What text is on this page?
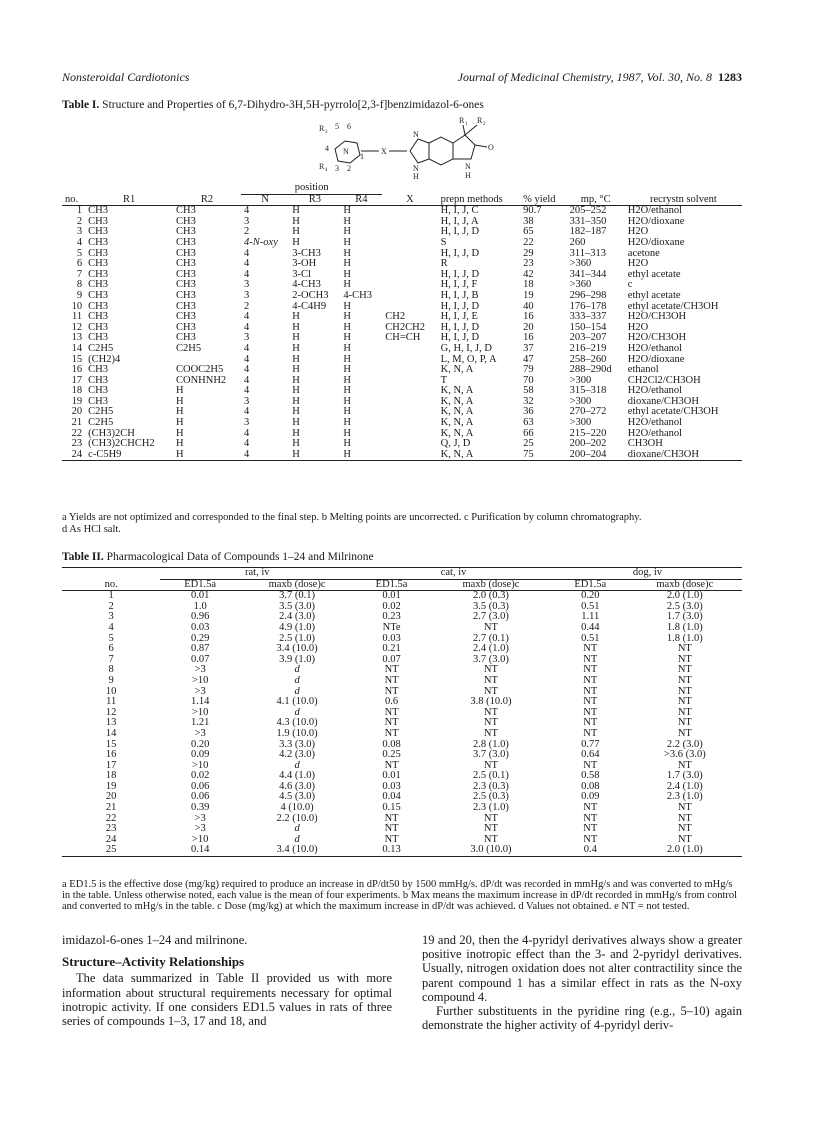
Nonsteroidal Cardiotonics	Journal of Medicinal Chemistry, 1987, Vol. 30, No. 8 1283
Table I. Structure and Properties of 6,7-Dihydro-3H,5H-pyrrolo[2,3-f]benzimidazol-6-ones
R 3
5 6
4 N
1
R 4 3 2
X
N
N
H
R 1 R 2
N
H
O
			position							
no.	R1	R2	N	R3	R4	X	prepn methods	% yield	mp, °C	recrystn solvent
1	CH3	CH3	4	H	H		H, I, J, C	90.7	205–252	H2O/ethanol
2	CH3	CH3	3	H	H		H, I, J, A	38	331–350	H2O/dioxane
3	CH3	CH3	2	H	H		H, I, J, D	65	182–187	H2O
4	CH3	CH3	4-N-oxy	H	H		S	22	260	H2O/dioxane
5	CH3	CH3	4	3-CH3	H		H, I, J, D	29	311–313	acetone
6	CH3	CH3	4	3-OH	H		R	23	>360	H2O
7	CH3	CH3	4	3-Cl	H		H, I, J, D	42	341–344	ethyl acetate
8	CH3	CH3	3	4-CH3	H		H, I, J, F	18	>360	c
9	CH3	CH3	3	2-OCH3	4-CH3		H, I, J, B	19	296–298	ethyl acetate
10	CH3	CH3	2	4-C4H9	H		H, I, J, D	40	176–178	ethyl acetate/CH3OH
11	CH3	CH3	4	H	H	CH2	H, I, J, E	16	333–337	H2O/CH3OH
12	CH3	CH3	4	H	H	CH2CH2	H, I, J, D	20	150–154	H2O
13	CH3	CH3	3	H	H	CH=CH	H, I, J, D	16	203–207	H2O/CH3OH
14	C2H5	C2H5	4	H	H		G, H, I, J, D	37	216–219	H2O/ethanol
15	(CH2)4		4	H	H		L, M, O, P, A	47	258–260	H2O/dioxane
16	CH3	COOC2H5	4	H	H		K, N, A	79	288–290d	ethanol
17	CH3	CONHNH2	4	H	H		T	70	>300	CH2Cl2/CH3OH
18	CH3	H	4	H	H		K, N, A	58	315–318	H2O/ethanol
19	CH3	H	3	H	H		K, N, A	32	>300	dioxane/CH3OH
20	C2H5	H	4	H	H		K, N, A	36	270–272	ethyl acetate/CH3OH
21	C2H5	H	3	H	H		K, N, A	63	>300	H2O/ethanol
22	(CH3)2CH	H	4	H	H		K, N, A	66	215–220	H2O/ethanol
23	(CH3)2CHCH2	H	4	H	H		Q, J, D	25	200–202	CH3OH
24	c-C5H9	H	4	H	H		K, N, A	75	200–204	dioxane/CH3OH
a Yields are not optimized and corresponded to the final step. b Melting points are uncorrected. c Purification by column chromatography.
d As HCl salt.
Table II. Pharmacological Data of Compounds 1–24 and Milrinone
	rat, iv		cat, iv		dog, iv	
no.	ED1.5a	maxb (dose)c	ED1.5a	maxb (dose)c	ED1.5a	maxb (dose)c
1	0.01	3.7 (0.1)	0.01	2.0 (0.3)	0.20	2.0 (1.0)
2	1.0	3.5 (3.0)	0.02	3.5 (0.3)	0.51	2.5 (3.0)
3	0.96	2.4 (3.0)	0.23	2.7 (3.0)	1.11	1.7 (3.0)
4	0.03	4.9 (1.0)	NTe	NT	0.44	1.8 (1.0)
5	0.29	2.5 (1.0)	0.03	2.7 (0.1)	0.51	1.8 (1.0)
6	0.87	3.4 (10.0)	0.21	2.4 (1.0)	NT	NT
7	0.07	3.9 (1.0)	0.07	3.7 (3.0)	NT	NT
8	>3	d	NT	NT	NT	NT
9	>10	d	NT	NT	NT	NT
10	>3	d	NT	NT	NT	NT
11	1.14	4.1 (10.0)	0.6	3.8 (10.0)	NT	NT
12	>10	d	NT	NT	NT	NT
13	1.21	4.3 (10.0)	NT	NT	NT	NT
14	>3	1.9 (10.0)	NT	NT	NT	NT
15	0.20	3.3 (3.0)	0.08	2.8 (1.0)	0.77	2.2 (3.0)
16	0.09	4.2 (3.0)	0.25	3.7 (3.0)	0.64	>3.6 (3.0)
17	>10	d	NT	NT	NT	NT
18	0.02	4.4 (1.0)	0.01	2.5 (0.1)	0.58	1.7 (3.0)
19	0.06	4.6 (3.0)	0.03	2.3 (0.3)	0.08	2.4 (1.0)
20	0.06	4.5 (3.0)	0.04	2.5 (0.3)	0.09	2.3 (1.0)
21	0.39	4 (10.0)	0.15	2.3 (1.0)	NT	NT
22	>3	2.2 (10.0)	NT	NT	NT	NT
23	>3	d	NT	NT	NT	NT
24	>10	d	NT	NT	NT	NT
25	0.14	3.4 (10.0)	0.13	3.0 (10.0)	0.4	2.0 (1.0)
a ED1.5 is the effective dose (mg/kg) required to produce an increase in dP/dt50 by 1500 mmHg/s. dP/dt was recorded in mmHg/s and was converted to mHg/s in the table. Unless otherwise noted, each value is the mean of four experiments. b Max means the maximum increase in dP/dt recorded in mmHg/s from control and converted to mHg/s in the table. c Dose (mg/kg) at which the maximum increase in dP/dt was achieved. d Values not obtained. e NT = not tested.
imidazol-6-ones 1–24 and milrinone.
Structure–Activity Relationships
The data summarized in Table II provided us with more information about structural requirements necessary for optimal inotropic activity. If one considers ED1.5 values in rats of three series of compounds 1–3, 17 and 18, and
19 and 20, then the 4-pyridyl derivatives always show a greater positive inotropic effect than the 3- and 2-pyridyl derivatives. Usually, nitrogen oxidation does not alter contractility since the parent compound 1 has a similar effect in rats as the N-oxy compound 4.
Further substituents in the pyridine ring (e.g., 5–10) again demonstrate the higher activity of 4-pyridyl deriv-
